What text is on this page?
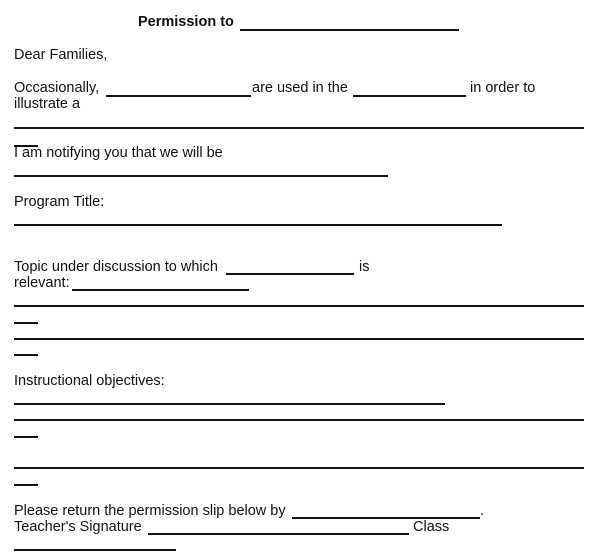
Permission to
Dear Families,
Occasionally,	are used in the	in order to
illustrate a
I am notifying you that we will be
Program Title:
Topic under discussion to which	is
relevant:
Instructional objectives:
Please return the permission slip below by	.
Teacher's Signature	Class
